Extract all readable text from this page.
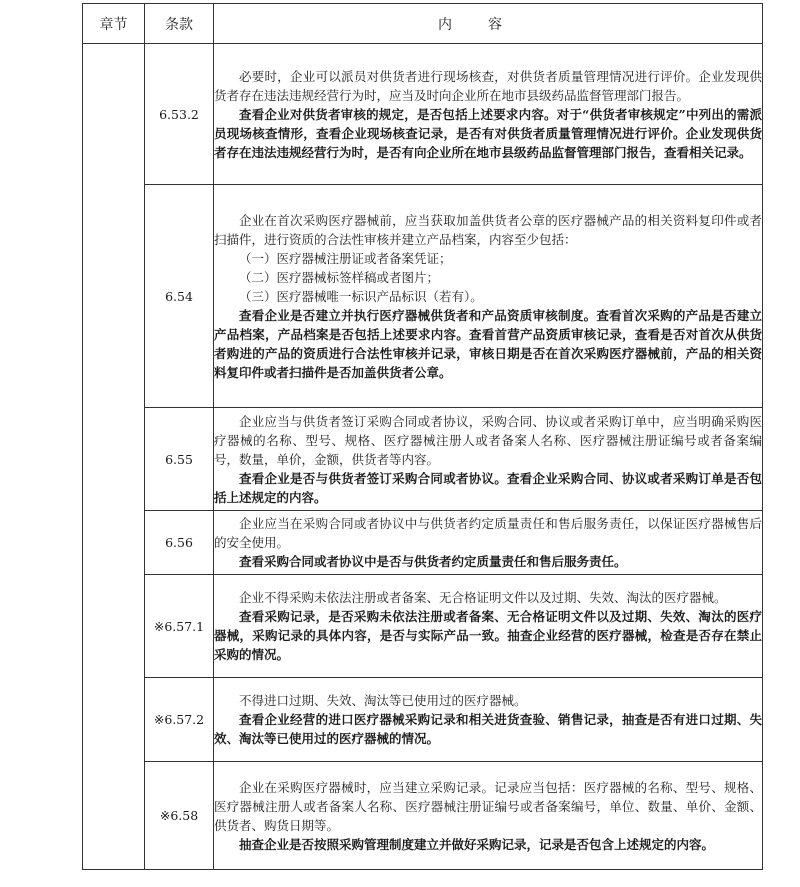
章节	条款	内容
	6.53.2	必要时，企业可以派员对供货者进行现场核查，对供货者质量管理情况进行评价。企业发现供货者存在违法违规经营行为时，应当及时向企业所在地市县级药品监督管理部门报告。

查看企业对供货者审核的规定，是否包括上述要求内容。对于“供货者审核规定”中列出的需派员现场核查情形，查看企业现场核查记录，是否有对供货者质量管理情况进行评价。企业发现供货者存在违法违规经营行为时，是否有向企业所在地市县级药品监督管理部门报告，查看相关记录。

	6.54	企业在首次采购医疗器械前，应当获取加盖供货者公章的医疗器械产品的相关资料复印件或者扫描件，进行资质的合法性审核并建立产品档案，内容至少包括：

（一）医疗器械注册证或者备案凭证；

（二）医疗器械标签样稿或者图片；

（三）医疗器械唯一标识产品标识（若有）。

查看企业是否建立并执行医疗器械供货者和产品资质审核制度。查看首次采购的产品是否建立产品档案，产品档案是否包括上述要求内容。查看首营产品资质审核记录，查看是否对首次从供货者购进的产品的资质进行合法性审核并记录，审核日期是否在首次采购医疗器械前，产品的相关资料复印件或者扫描件是否加盖供货者公章。

	6.55	企业应当与供货者签订采购合同或者协议，采购合同、协议或者采购订单中，应当明确采购医疗器械的名称、型号、规格、医疗器械注册人或者备案人名称、医疗器械注册证编号或者备案编号，数量，单价，金额，供货者等内容。

查看企业是否与供货者签订采购合同或者协议。查看企业采购合同、协议或者采购订单是否包括上述规定的内容。

	6.56	企业应当在采购合同或者协议中与供货者约定质量责任和售后服务责任，以保证医疗器械售后的安全使用。

查看采购合同或者协议中是否与供货者约定质量责任和售后服务责任。

	※6.57.1	企业不得采购未依法注册或者备案、无合格证明文件以及过期、失效、淘汰的医疗器械。

查看采购记录，是否采购未依法注册或者备案、无合格证明文件以及过期、失效、淘汰的医疗器械，采购记录的具体内容，是否与实际产品一致。抽查企业经营的医疗器械，检查是否存在禁止采购的情况。

	※6.57.2	不得进口过期、失效、淘汰等已使用过的医疗器械。

查看企业经营的进口医疗器械采购记录和相关进货查验、销售记录，抽查是否有进口过期、失效、淘汰等已使用过的医疗器械的情况。

	※6.58	企业在采购医疗器械时，应当建立采购记录。记录应当包括：医疗器械的名称、型号、规格、医疗器械注册人或者备案人名称、医疗器械注册证编号或者备案编号，单位、数量、单价、金额、供货者、购货日期等。

抽查企业是否按照采购管理制度建立并做好采购记录，记录是否包含上述规定的内容。
